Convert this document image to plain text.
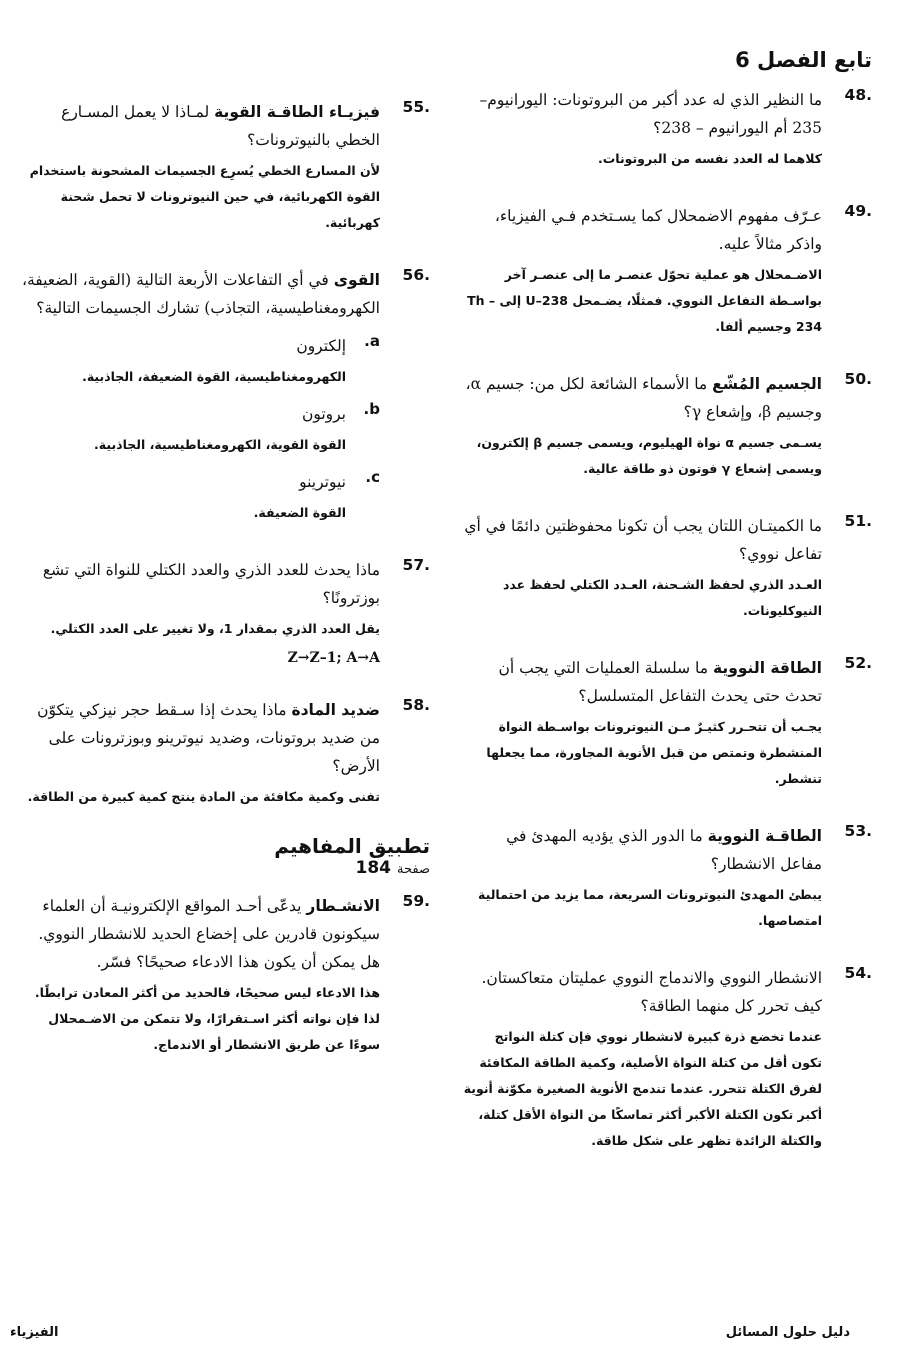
تابع الفصل 6
48.
ما النظير الذي له عدد أكبر من البروتونات: اليورانيوم–235 أم اليورانيوم – 238؟
كلاهما له العدد نفسه من البروتونات.
49.
عـرّف مفهوم الاضمحلال كما يسـتخدم فـي الفيزياء، واذكر مثالاً عليه.
الاضـمحلال هو عملية تحوّل عنصـر ما إلى عنصـر آخر بواسـطة التفاعل النووي. فمثلًا، يضـمحل U–238 إلى Th – 234 وجسيم ألفا.
50.
الجسيم المُشّع ما الأسماء الشائعة لكل من: جسيم α، وجسيم β، وإشعاع γ؟
يسـمى جسيم α نواة الهيليوم، ويسمى جسيم β إلكترون، ويسمى إشعاع γ فوتون ذو طاقة عالية.
51.
ما الكميتـان اللتان يجب أن تكونا محفوظتين دائمًا في أي تفاعل نووي؟
العـدد الذري لحفظ الشـحنة، العـدد الكتلي لحفظ عدد النيوكليونات.
52.
الطاقة النووية ما سلسلة العمليات التي يجب أن تحدث حتى يحدث التفاعل المتسلسل؟
يجـب أن تتحـرر كثيـرٌ مـن النيوترونات بواسـطة النواة المنشطرة وتمتص من قبل الأنوية المجاورة، مما يجعلها تنشطر.
53.
الطاقـة النووية ما الدور الذي يؤديه المهدئ في مفاعل الانشطار؟
يبطئ المهدئ النيوترونات السريعة، مما يزيد من احتمالية امتصاصها.
54.
الانشطار النووي والاندماج النووي عمليتان متعاكستان. كيف تحرر كل منهما الطاقة؟
عندما تخضع ذرة كبيرة لانشطار نووي فإن كتلة النواتج تكون أقل من كتلة النواة الأصلية، وكمية الطاقة المكافئة لفرق الكتلة تتحرر. عندما تندمج الأنوية الصغيرة مكوّنة أنوية أكبر تكون الكتلة الأكبر أكثر تماسكًا من النواة الأقل كتلة، والكتلة الزائدة تظهر على شكل طاقة.
55.
فيزيـاء الطاقـة القوية لمـاذا لا يعمل المسـارع الخطي بالنيوترونات؟
لأن المسارع الخطي يُسرِع الجسيمات المشحونة باستخدام القوة الكهربائية، في حين النيوترونات لا تحمل شحنة كهربائية.
56.
القوى في أي التفاعلات الأربعة التالية (القوية، الضعيفة، الكهرومغناطيسية، التجاذب) تشارك الجسيمات التالية؟
a.
إلكترون
الكهرومغناطيسية، القوة الضعيفة، الجاذبية.
b.
بروتون
القوة القوية، الكهرومغناطيسية، الجاذبية.
c.
نيوترينو
القوة الضعيفة.
57.
ماذا يحدث للعدد الذري والعدد الكتلي للنواة التي تشع بوزترونًا؟
يقل العدد الذري بمقدار 1، ولا تغيير على العدد الكتلي.
Z→Z–1; A→A
58.
ضديد المادة ماذا يحدث إذا سـقط حجر نيزكي يتكوّن من ضديد بروتونات، وضديد نيوترينو وبوزترونات على الأرض؟
تفنى وكمية مكافئة من المادة ينتج كمية كبيرة من الطاقة.
تطبيق المفاهيم
صفحة184
59.
الانشـطار يدعّى أحـد المواقع الإلكترونيـة أن العلماء سيكونون قادرين على إخضاع الحديد للانشطار النووي. هل يمكن أن يكون هذا الادعاء صحيحًا؟ فسّر.
هذا الادعاء ليس صحيحًا، فالحديد من أكثر المعادن ترابطًا. لذا فإن نواته أكثر اسـتقرارًا، ولا تتمكن من الاضـمحلال سوءًا عن طريق الانشطار أو الاندماج.
دليل حلول المسائل
الفيزياء
